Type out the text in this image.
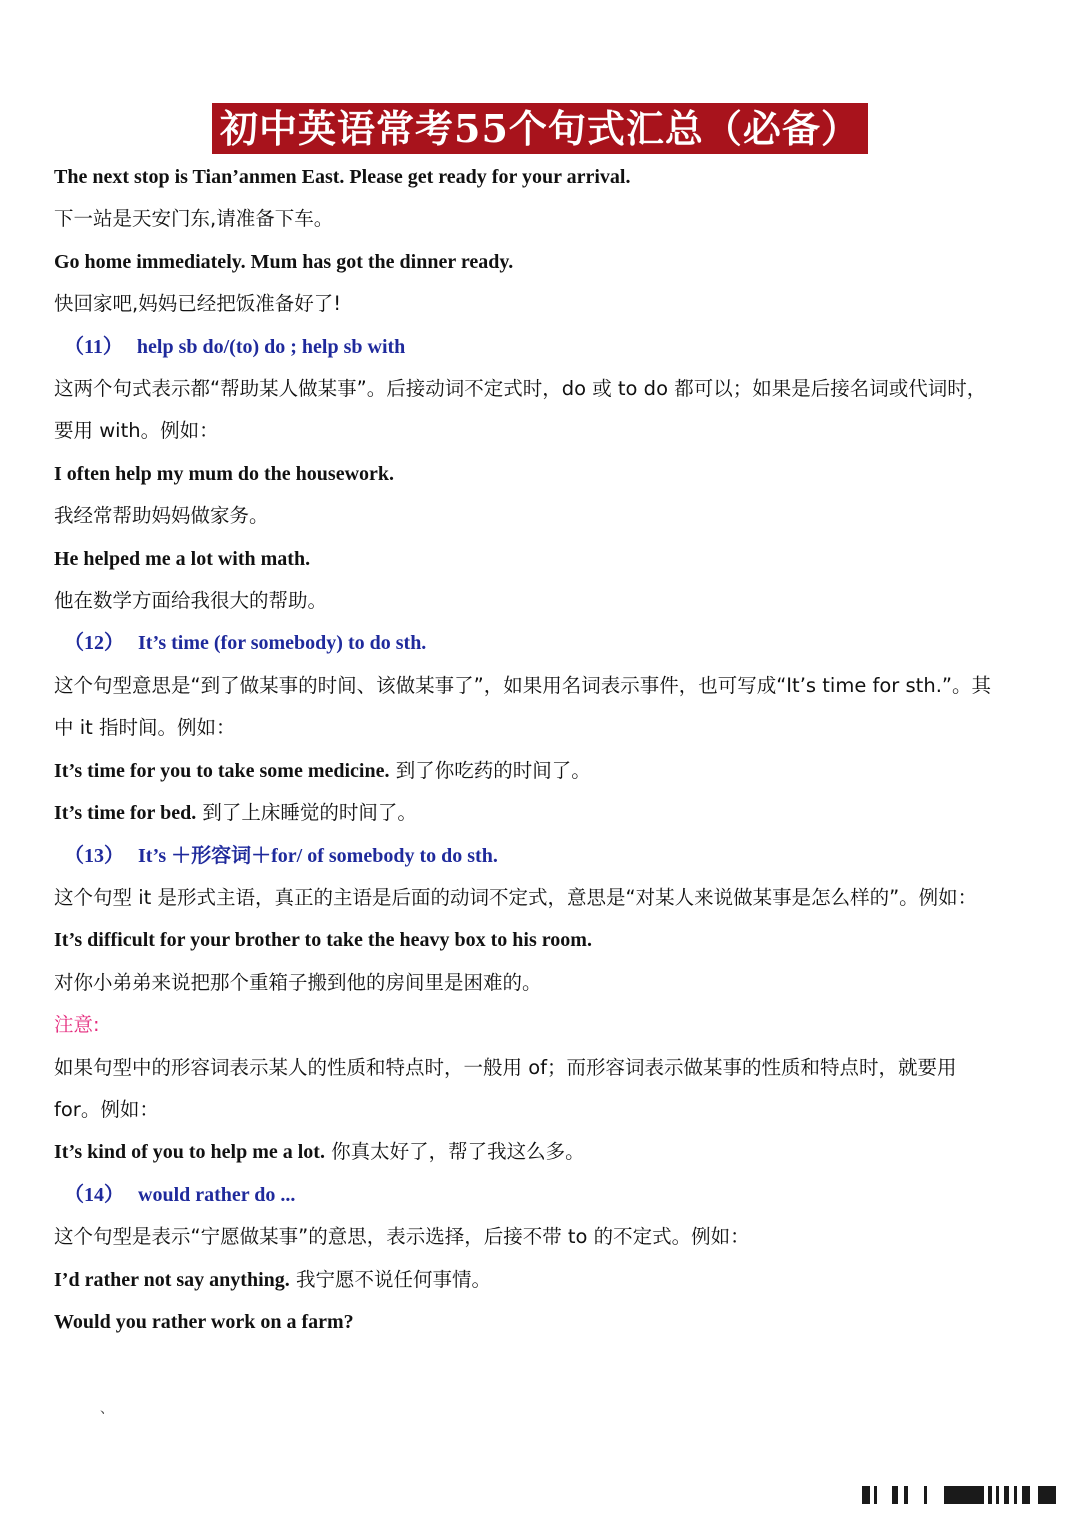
初中英语常考55个句式汇总（必备）
The next stop is Tian’anmen East. Please get ready for your arrival.
下一站是天安门东,请准备下车。
Go home immediately. Mum has got the dinner ready.
快回家吧,妈妈已经把饭准备好了!
（11） help sb do/(to) do ; help sb with
这两个句式表示都“帮助某人做某事”。后接动词不定式时，do 或 to do 都可以；如果是后接名词或代词时，要用 with。例如：
I often help my mum do the housework.
我经常帮助妈妈做家务。
He helped me a lot with math.
他在数学方面给我很大的帮助。
（12） It’s time (for somebody) to do sth.
这个句型意思是“到了做某事的时间、该做某事了”，如果用名词表示事件，也可写成“It’s time for sth.”。其中 it 指时间。例如：
It’s time for you to take some medicine. 到了你吃药的时间了。
It’s time for bed. 到了上床睡觉的时间了。
（13） It’s ＋形容词＋for/ of somebody to do sth.
这个句型 it 是形式主语，真正的主语是后面的动词不定式，意思是“对某人来说做某事是怎么样的”。例如：
It’s difficult for your brother to take the heavy box to his room.
对你小弟弟来说把那个重箱子搬到他的房间里是困难的。
注意:
如果句型中的形容词表示某人的性质和特点时，一般用 of；而形容词表示做某事的性质和特点时，就要用 for。例如：
It’s kind of you to help me a lot. 你真太好了，帮了我这么多。
（14） would rather do ...
这个句型是表示“宁愿做某事”的意思，表示选择，后接不带 to 的不定式。例如：
I’d rather not say anything. 我宁愿不说任何事情。
Would you rather work on a farm?
、
